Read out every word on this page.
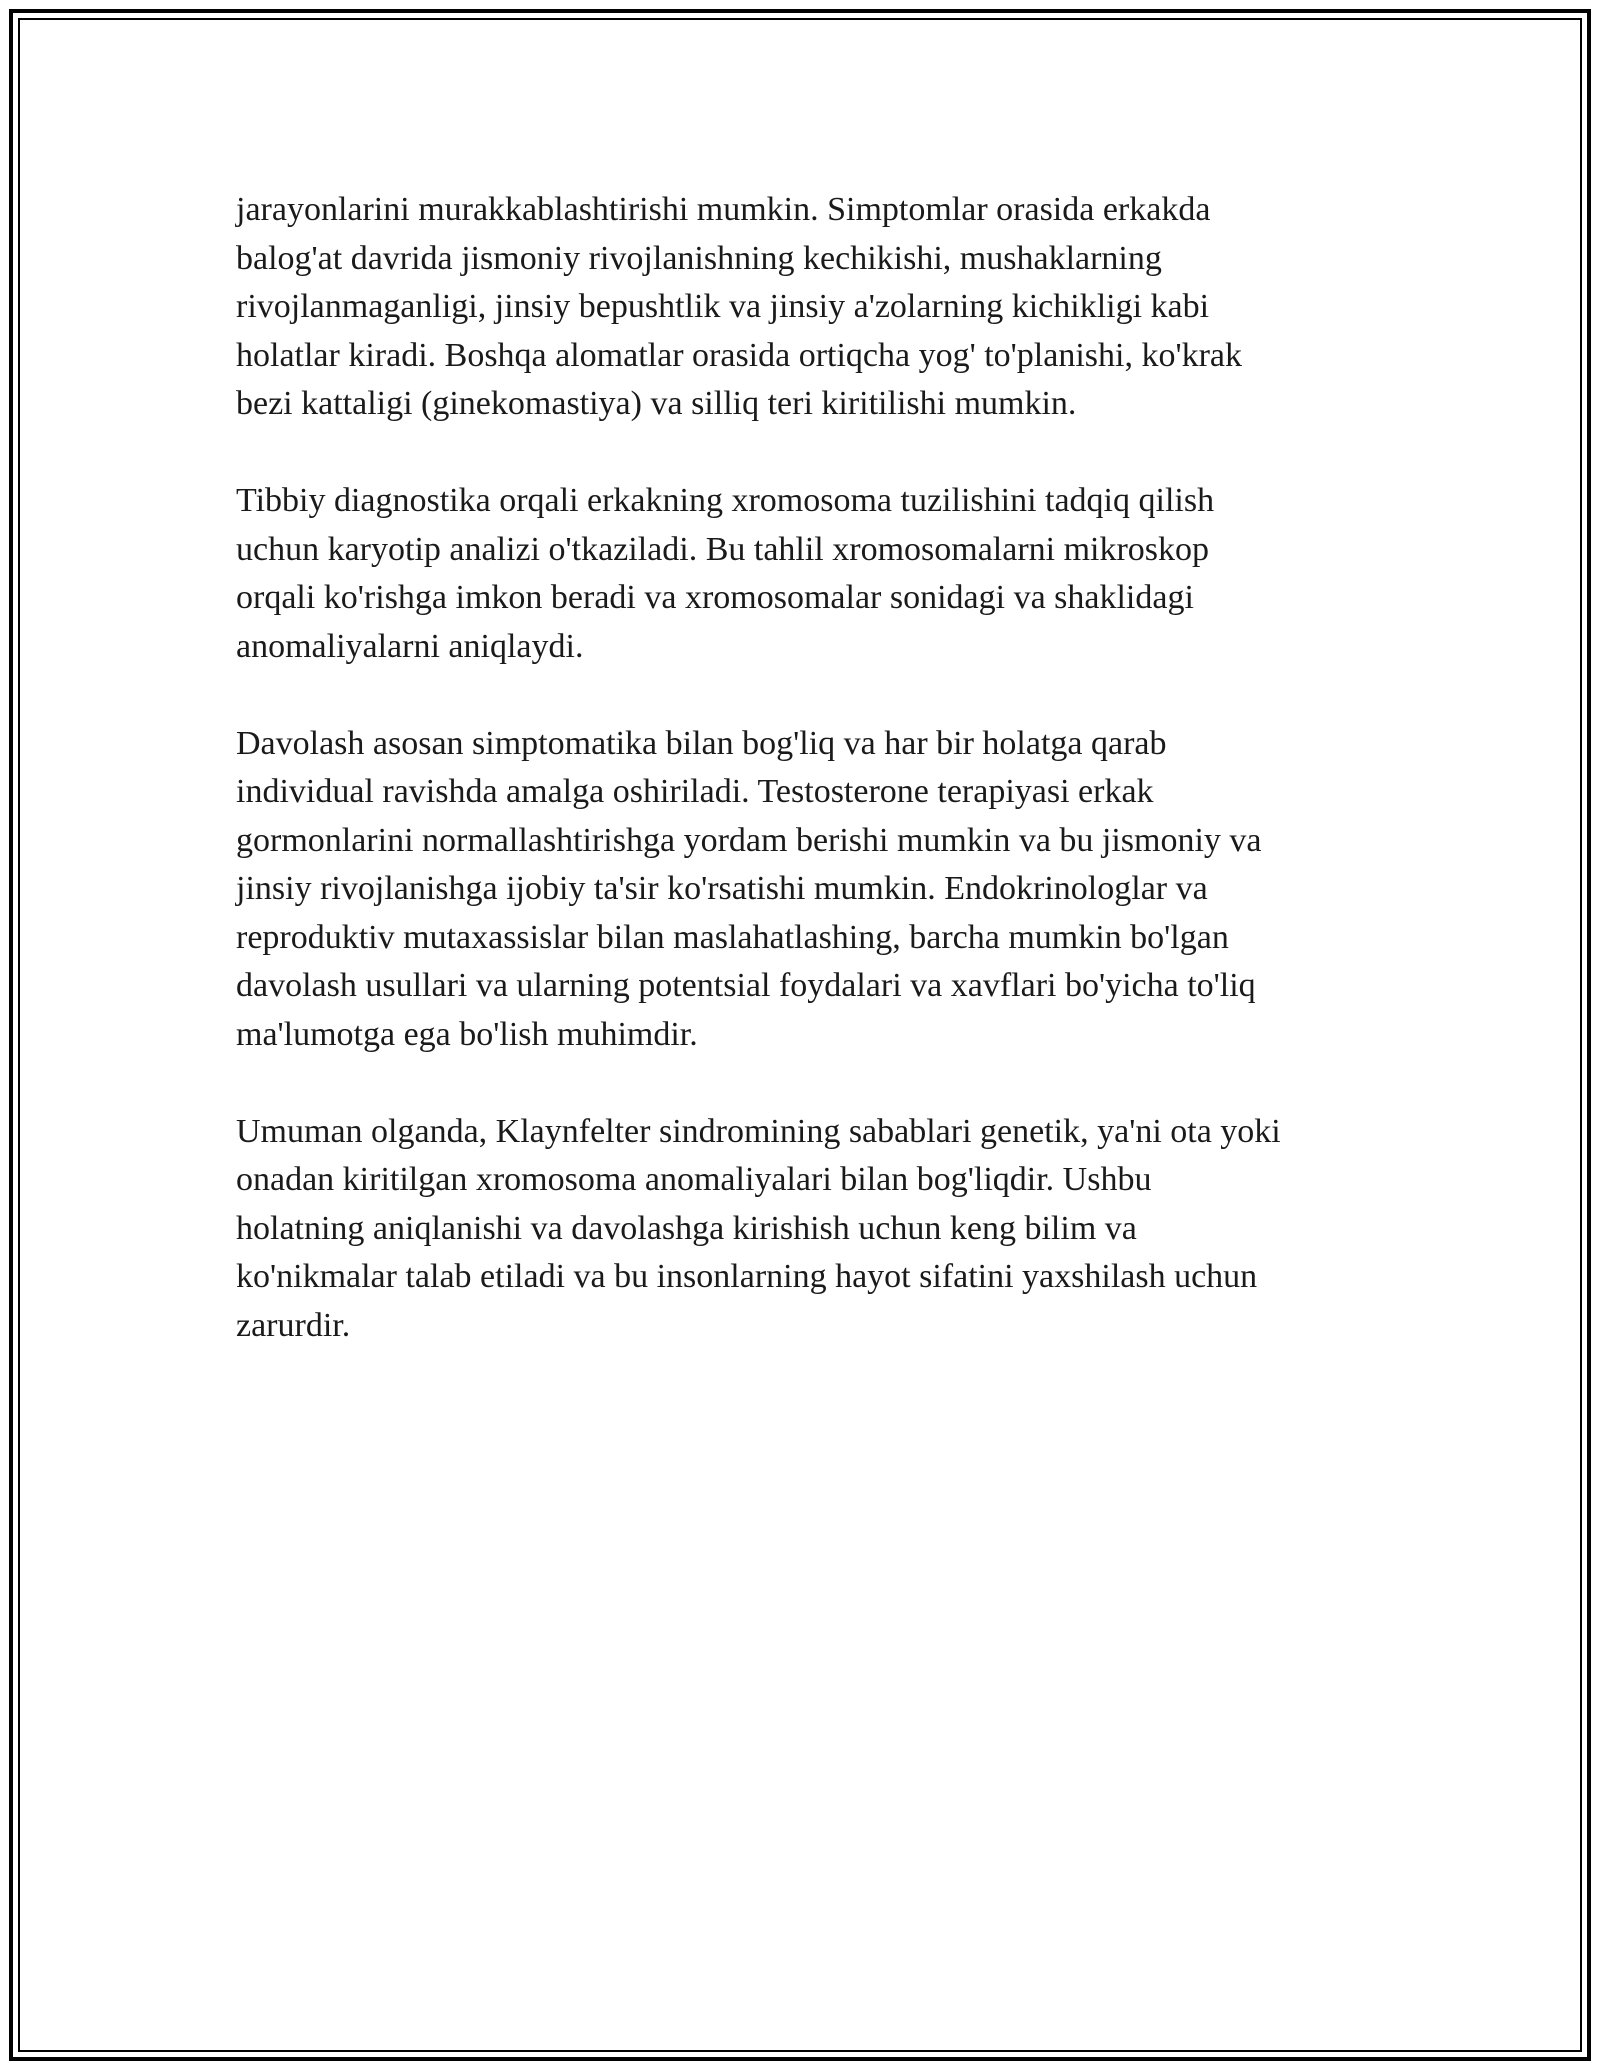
jarayonlarini murakkablashtirishi mumkin. Simptomlar orasida erkakda
balog'at davrida jismoniy rivojlanishning kechikishi, mushaklarning
rivojlanmaganligi, jinsiy bepushtlik va jinsiy a'zolarning kichikligi kabi
holatlar kiradi. Boshqa alomatlar orasida ortiqcha yog' to'planishi, ko'krak
bezi kattaligi (ginekomastiya) va silliq teri kiritilishi mumkin.

Tibbiy diagnostika orqali erkakning xromosoma tuzilishini tadqiq qilish
uchun karyotip analizi o'tkaziladi. Bu tahlil xromosomalarni mikroskop
orqali ko'rishga imkon beradi va xromosomalar sonidagi va shaklidagi
anomaliyalarni aniqlaydi.

Davolash asosan simptomatika bilan bog'liq va har bir holatga qarab
individual ravishda amalga oshiriladi. Testosterone terapiyasi erkak
gormonlarini normallashtirishga yordam berishi mumkin va bu jismoniy va
jinsiy rivojlanishga ijobiy ta'sir ko'rsatishi mumkin. Endokrinologlar va
reproduktiv mutaxassislar bilan maslahatlashing, barcha mumkin bo'lgan
davolash usullari va ularning potentsial foydalari va xavflari bo'yicha to'liq
ma'lumotga ega bo'lish muhimdir.

Umuman olganda, Klaynfelter sindromining sabablari genetik, ya'ni ota yoki
onadan kiritilgan xromosoma anomaliyalari bilan bog'liqdir. Ushbu
holatning aniqlanishi va davolashga kirishish uchun keng bilim va
ko'nikmalar talab etiladi va bu insonlarning hayot sifatini yaxshilash uchun
zarurdir.
